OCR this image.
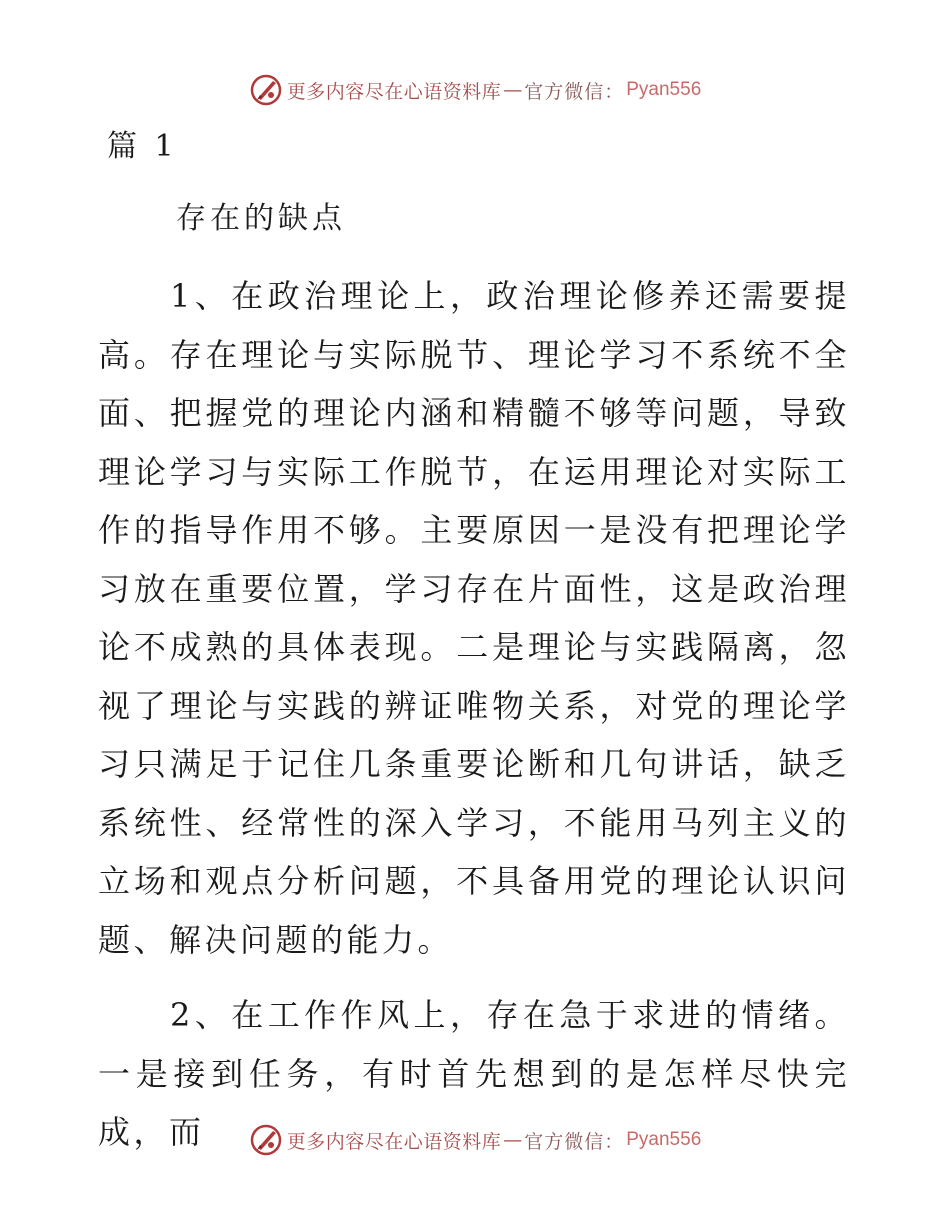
更多内容尽在心语资料库 — 官方微信： Pyan556
篇 1
存在的缺点

1、在政治理论上，政治理论修养还需要提高。存在理论与实际脱节、理论学习不系统不全面、把握党的理论内涵和精髓不够等问题，导致理论学习与实际工作脱节，在运用理论对实际工作的指导作用不够。主要原因一是没有把理论学习放在重要位置，学习存在片面性，这是政治理论不成熟的具体表现。二是理论与实践隔离，忽视了理论与实践的辨证唯物关系，对党的理论学习只满足于记住几条重要论断和几句讲话，缺乏系统性、经常性的深入学习，不能用马列主义的立场和观点分析问题，不具备用党的理论认识问题、解决问题的能力。

2、在工作作风上，存在急于求进的情绪。一是接到任务，有时首先想到的是怎样尽快完成，而	更多内容尽在心语资料库 — 官方微信： Pyan556
